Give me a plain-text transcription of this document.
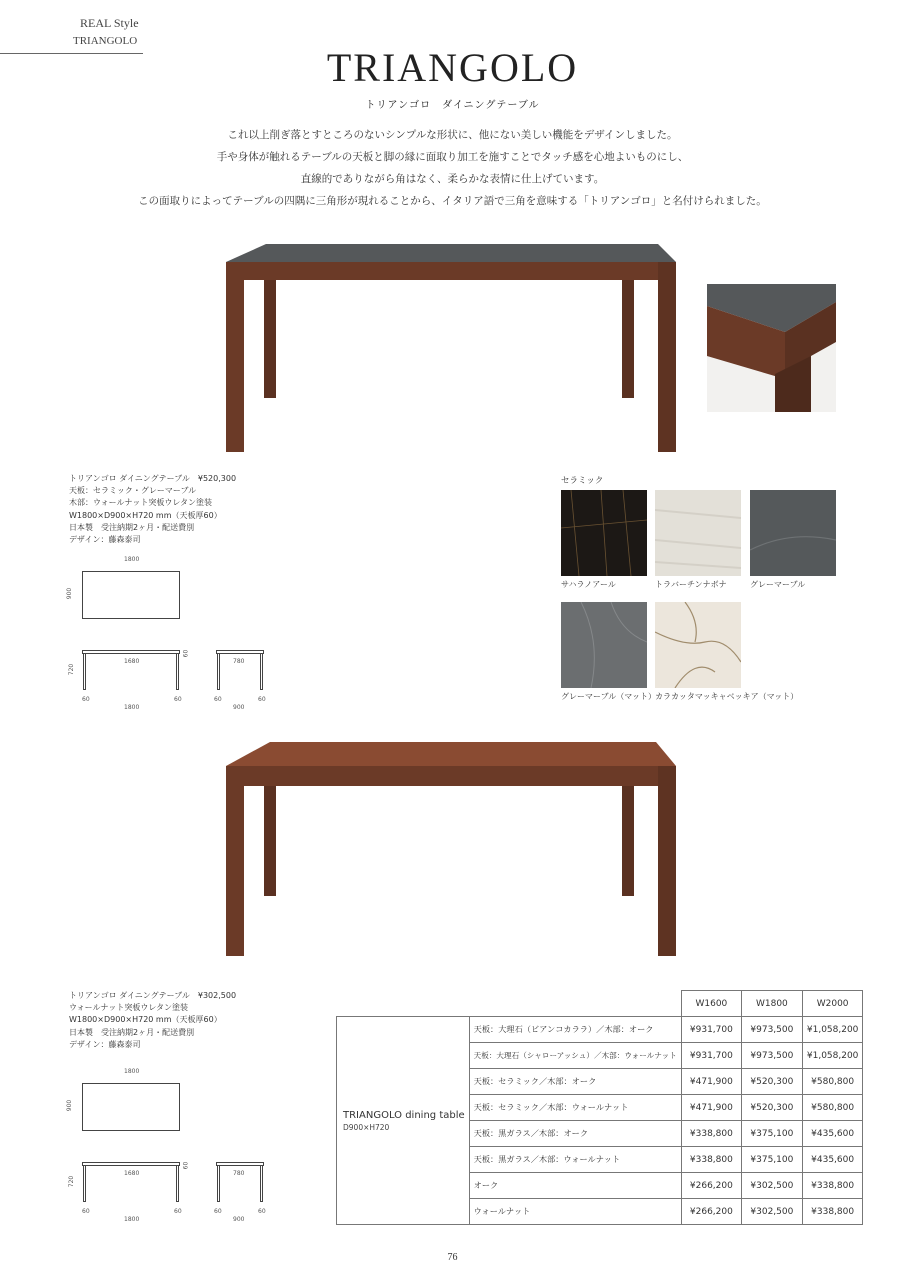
REAL Style
TRIANGOLO
TRIANGOLO
トリアンゴロ　ダイニングテーブル
これ以上削ぎ落とすところのないシンプルな形状に、他にない美しい機能をデザインしました。
手や身体が触れるテーブルの天板と脚の縁に面取り加工を施すことでタッチ感を心地よいものにし、
直線的でありながら角はなく、柔らかな表情に仕上げています。
この面取りによってテーブルの四隅に三角形が現れることから、イタリア語で三角を意味する「トリアンゴロ」と名付けられました。
トリアンゴロ ダイニングテーブル　¥520,300
天板：セラミック・グレーマーブル
木部：ウォールナット突板ウレタン塗装
W1800×D900×H720 mm（天板厚60）
日本製　受注納期2ヶ月・配送費別
デザイン：藤森泰司
1800
900
1680
720
60
60	60
1800
780
60	60
900
セラミック
サハラノアール	トラバーチンナボナ	グレーマーブル
グレーマーブル（マット） カラカッタマッキャベッキア（マット）
トリアンゴロ ダイニングテーブル　¥302,500
ウォールナット突板ウレタン塗装
W1800×D900×H720 mm（天板厚60）
日本製　受注納期2ヶ月・配送費別
デザイン：藤森泰司
1800
900
1680
720
60
60	60
1800
780
60	60
900
		W1600	W1800	W2000

TRIANGOLO dining table
D900×H720	天板：大理石（ビアンコカララ）／木部：オーク	¥931,700	¥973,500	¥1,058,200
	天板：大理石（シャローアッシュ）／木部：ウォールナット	¥931,700	¥973,500	¥1,058,200
	天板：セラミック／木部：オーク	¥471,900	¥520,300	¥580,800
	天板：セラミック／木部：ウォールナット	¥471,900	¥520,300	¥580,800
	天板：黒ガラス／木部：オーク	¥338,800	¥375,100	¥435,600
	天板：黒ガラス／木部：ウォールナット	¥338,800	¥375,100	¥435,600
	オーク	¥266,200	¥302,500	¥338,800
	ウォールナット	¥266,200	¥302,500	¥338,800
76
